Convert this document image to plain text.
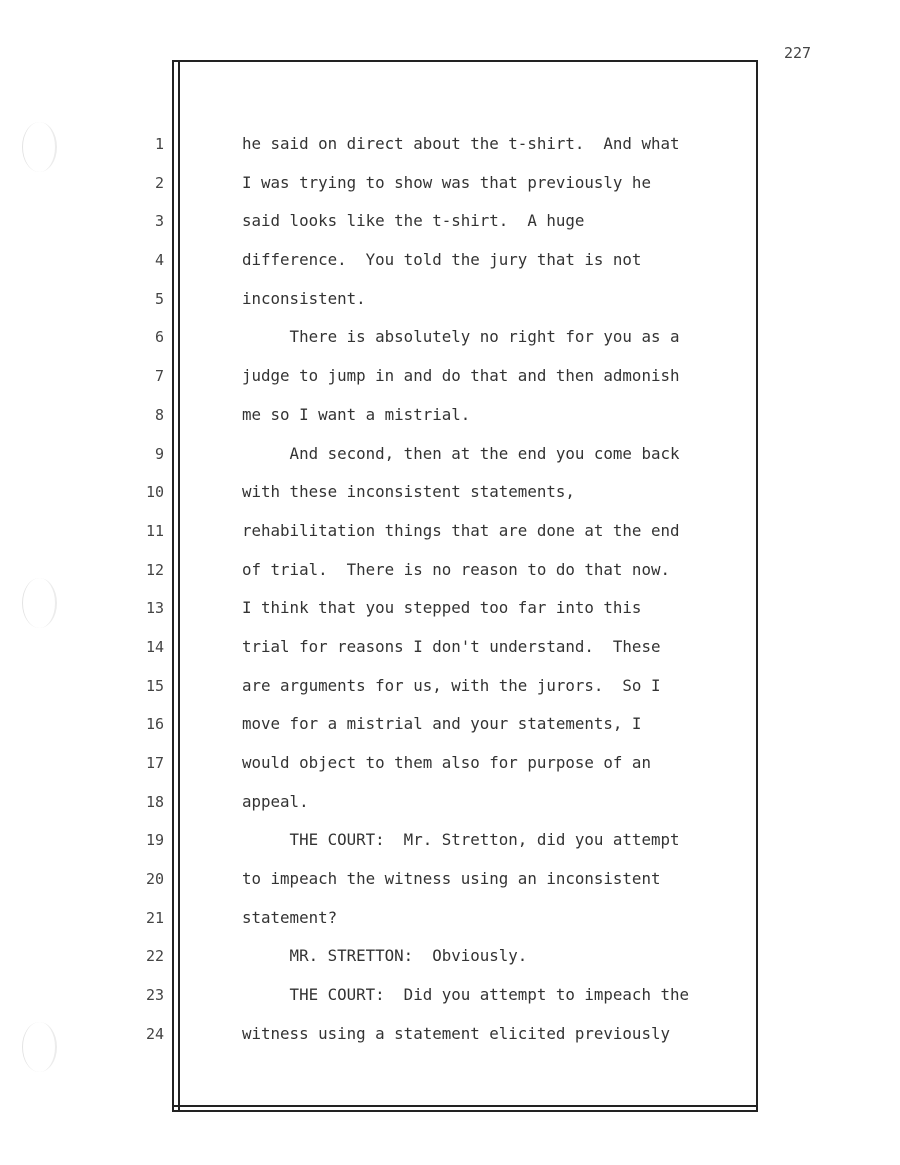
227
1
2
3
4
5
6
7
8
9
10
11
12
13
14
15
16
17
18
19
20
21
22
23
24
he said on direct about the t-shirt.  And what
I was trying to show was that previously he
said looks like the t-shirt.  A huge
difference.  You told the jury that is not
inconsistent.
There is absolutely no right for you as a
judge to jump in and do that and then admonish
me so I want a mistrial.
And second, then at the end you come back
with these inconsistent statements,
rehabilitation things that are done at the end
of trial.  There is no reason to do that now.
I think that you stepped too far into this
trial for reasons I don't understand.  These
are arguments for us, with the jurors.  So I
move for a mistrial and your statements, I
would object to them also for purpose of an
appeal.
THE COURT:  Mr. Stretton, did you attempt
to impeach the witness using an inconsistent
statement?
MR. STRETTON:  Obviously.
THE COURT:  Did you attempt to impeach the
witness using a statement elicited previously
